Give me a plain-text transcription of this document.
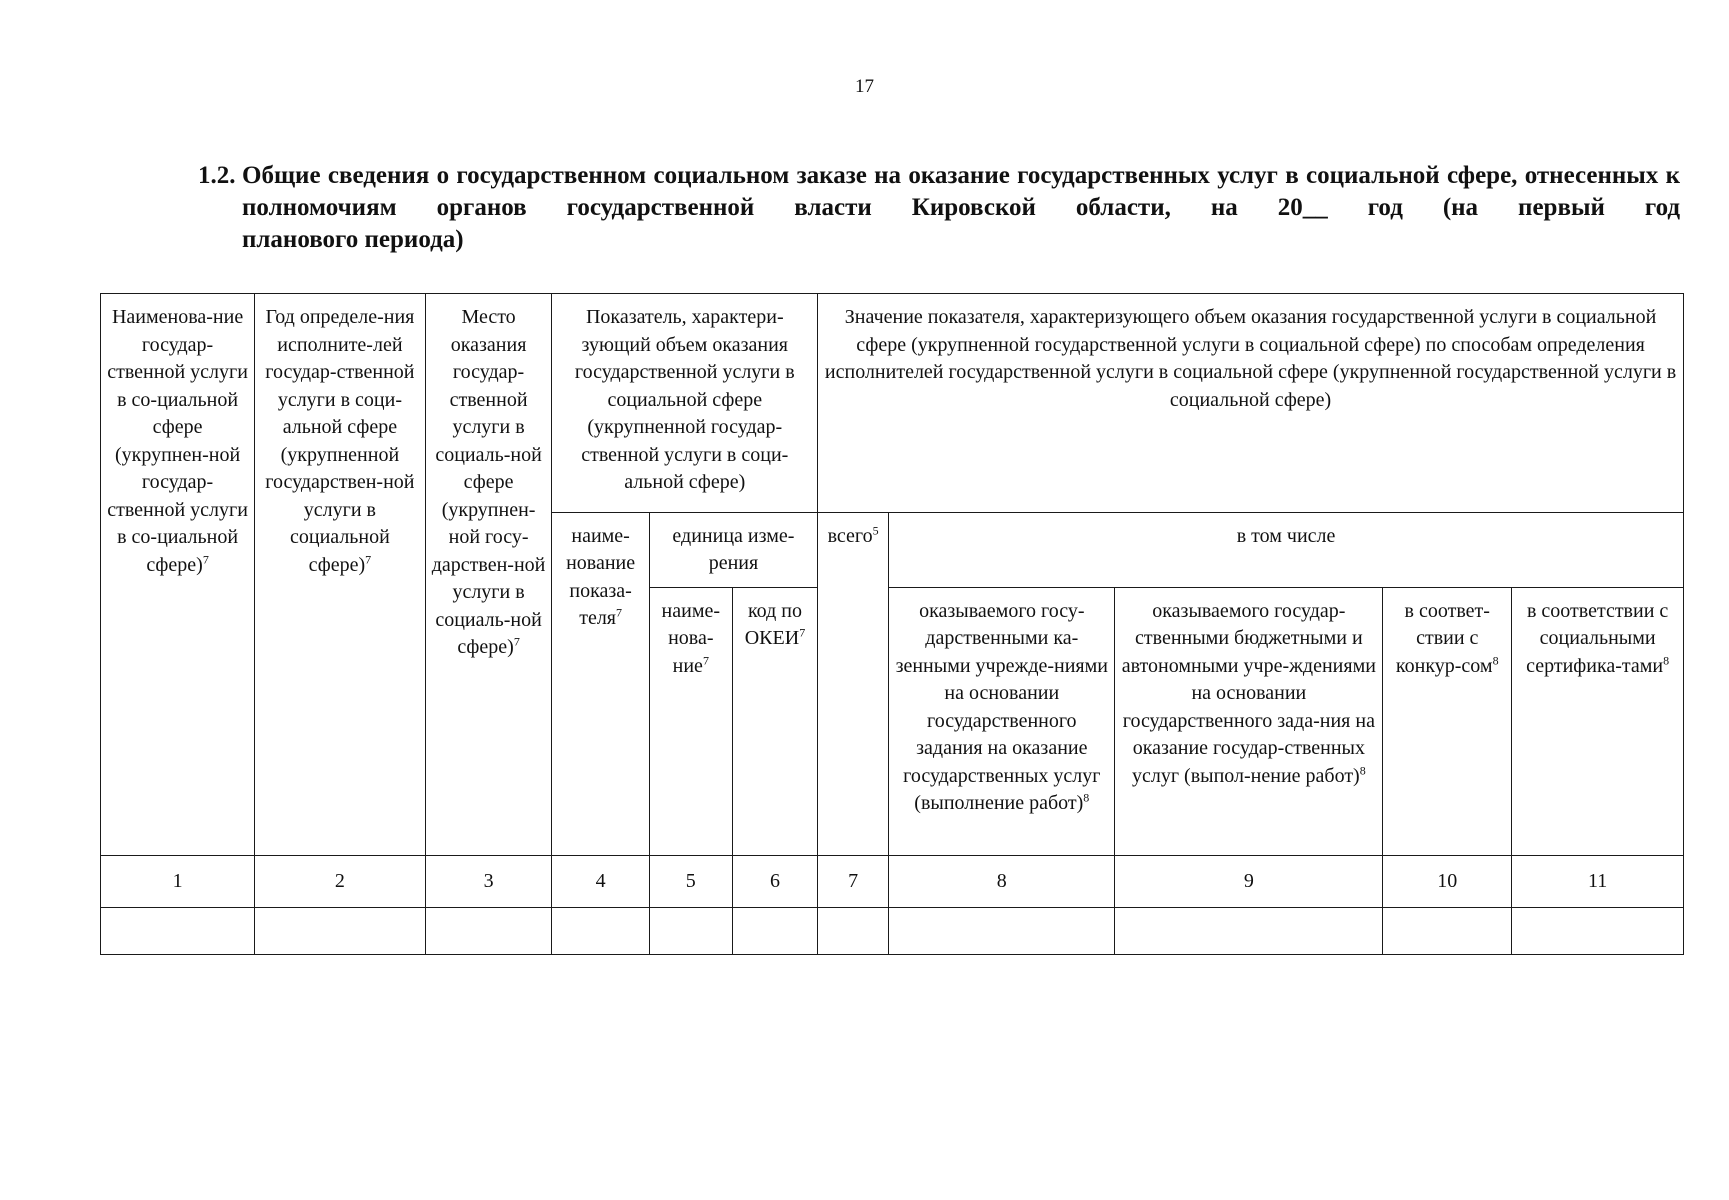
17
1.2. Общие сведения о государственном социальном заказе на оказание государственных услуг в социальной сфере, отнесенных к полномочиям органов государственной власти Кировской области, на 20__ год (на первый год
планового периода)
Наименова-ние государ-ственной услуги в со-циальной сфере (укрупнен-ной государ-ственной услуги в со-циальной сфере)$^7$	Год определе-ния исполните-лей государ-ственной услуги в соци-альной сфере (укрупненной государствен-ной услуги в социальной сфере)$^7$	Место оказания государ-ственной услуги в социаль-ной сфере (укрупнен-ной госу-дарствен-ной услуги в социаль-ной сфере)$^7$	Показатель, характери-зующий объем оказания государственной услуги в социальной сфере (укрупненной государ-ственной услуги в соци-альной сфере)			Значение показателя, характеризующего объем оказания государственной услуги в социальной сфере (укрупненной государственной услуги в социальной сфере) по способам определения исполнителей государственной услуги в социальной сфере (укрупненной государственной услуги в социальной сфере)				
			наиме-нование показа-теля$^7$	единица изме-рения		всего$^5$	в том числе			
				наиме-нова-ние$^7$	код по ОКЕИ$^7$		оказываемого госу-дарственными ка-зенными учрежде-ниями на основании государственного задания на оказание государственных услуг (выполнение работ)$^8$	оказываемого государ-ственными бюджетными и автономными учре-ждениями на основании государственного зада-ния на оказание государ-ственных услуг (выпол-нение работ)$^8$	в соответ-ствии с конкур-сом$^8$	в соответствии с социальными сертифика-тами$^8$
1	2	3	4	5	6	7	8	9	10	11
